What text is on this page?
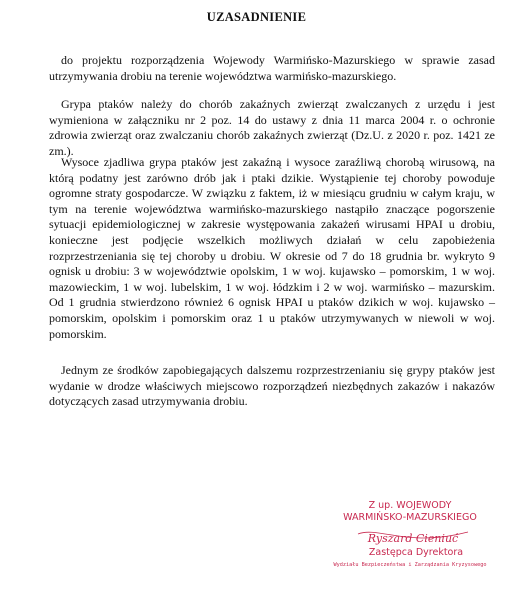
UZASADNIENIE
do projektu rozporządzenia Wojewody Warmińsko-Mazurskiego w sprawie zasad utrzymywania drobiu na terenie województwa warmińsko-mazurskiego.
Grypa ptaków należy do chorób zakaźnych zwierząt zwalczanych z urzędu i jest wymieniona w załączniku nr 2 poz. 14 do ustawy z dnia 11 marca 2004 r. o ochronie zdrowia zwierząt oraz zwalczaniu chorób zakaźnych zwierząt (Dz.U. z 2020 r. poz. 1421 ze zm.).
Wysoce zjadliwa grypa ptaków jest zakaźną i wysoce zaraźliwą chorobą wirusową, na którą podatny jest zarówno drób jak i ptaki dzikie. Wystąpienie tej choroby powoduje ogromne straty gospodarcze. W związku z faktem, iż w miesiącu grudniu w całym kraju, w tym na terenie województwa warmińsko-mazurskiego nastąpiło znaczące pogorszenie sytuacji epidemiologicznej w zakresie występowania zakażeń wirusami HPAI u drobiu, konieczne jest podjęcie wszelkich możliwych działań w celu zapobieżenia rozprzestrzeniania się tej choroby u drobiu. W okresie od 7 do 18 grudnia br. wykryto 9 ognisk u drobiu: 3 w województwie opolskim, 1 w woj. kujawsko – pomorskim, 1 w woj. mazowieckim, 1 w woj. lubelskim, 1 w woj. łódzkim i 2 w woj. warmińsko – mazurskim. Od 1 grudnia stwierdzono również 6 ognisk HPAI u ptaków dzikich w woj. kujawsko – pomorskim, opolskim i pomorskim oraz 1 u ptaków utrzymywanych w niewoli w woj. pomorskim.
Jednym ze środków zapobiegających dalszemu rozprzestrzenianiu się grypy ptaków jest wydanie w drodze właściwych miejscowo rozporządzeń niezbędnych zakazów i nakazów dotyczących zasad utrzymywania drobiu.
Z up. WOJEWODY
WARMIŃSKO-MAZURSKIEGO
Ryszard Cieniuć
Zastępca Dyrektora
Wydziału Bezpieczeństwa i Zarządzania Kryzysowego
